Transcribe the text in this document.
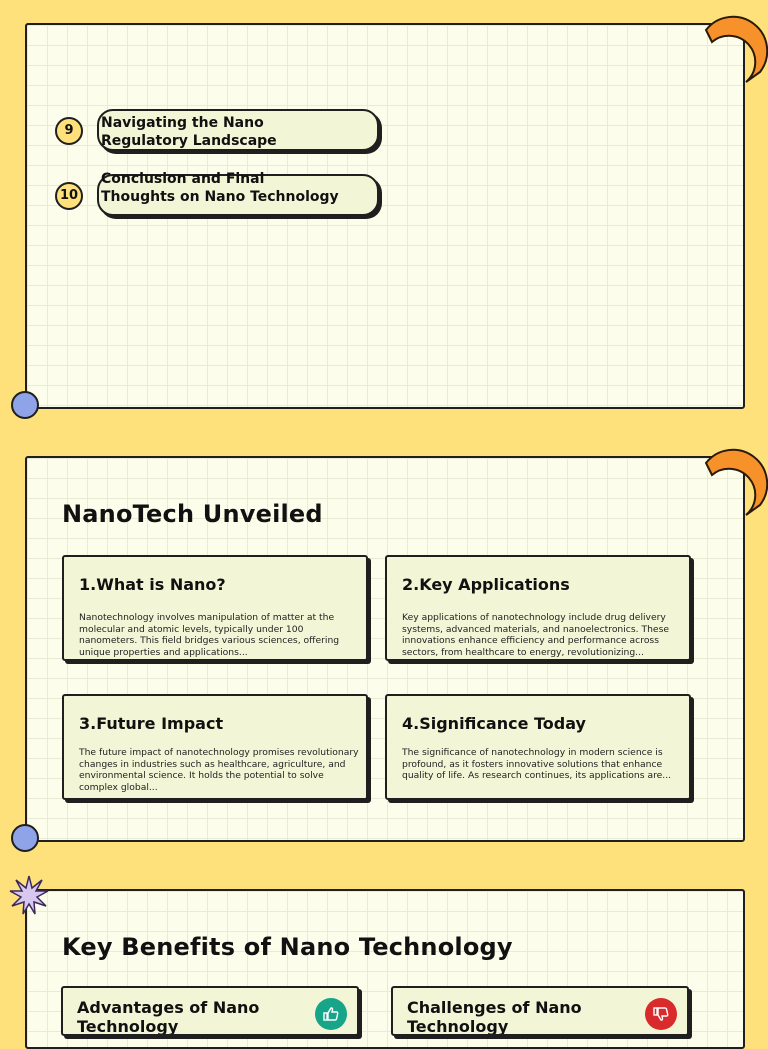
9	Navigating the Nano Regulatory Landscape
10
Conclusion and Final Thoughts on Nano Technology
NanoTech Unveiled
1.What is Nano?

Nanotechnology involves manipulation of matter at the molecular and atomic levels, typically under 100 nanometers. This field bridges various sciences, offering unique properties and applications...

2.Key Applications

Key applications of nanotechnology include drug delivery systems, advanced materials, and nanoelectronics. These innovations enhance efficiency and performance across sectors, from healthcare to energy, revolutionizing...

3.Future Impact

The future impact of nanotechnology promises revolutionary changes in industries such as healthcare, agriculture, and environmental science. It holds the potential to solve complex global...

4.Significance Today

The significance of nanotechnology in modern science is profound, as it fosters innovative solutions that enhance quality of life. As research continues, its applications are...

Key Benefits of Nano Technology
Advantages of Nano Technology
Challenges of Nano Technology
